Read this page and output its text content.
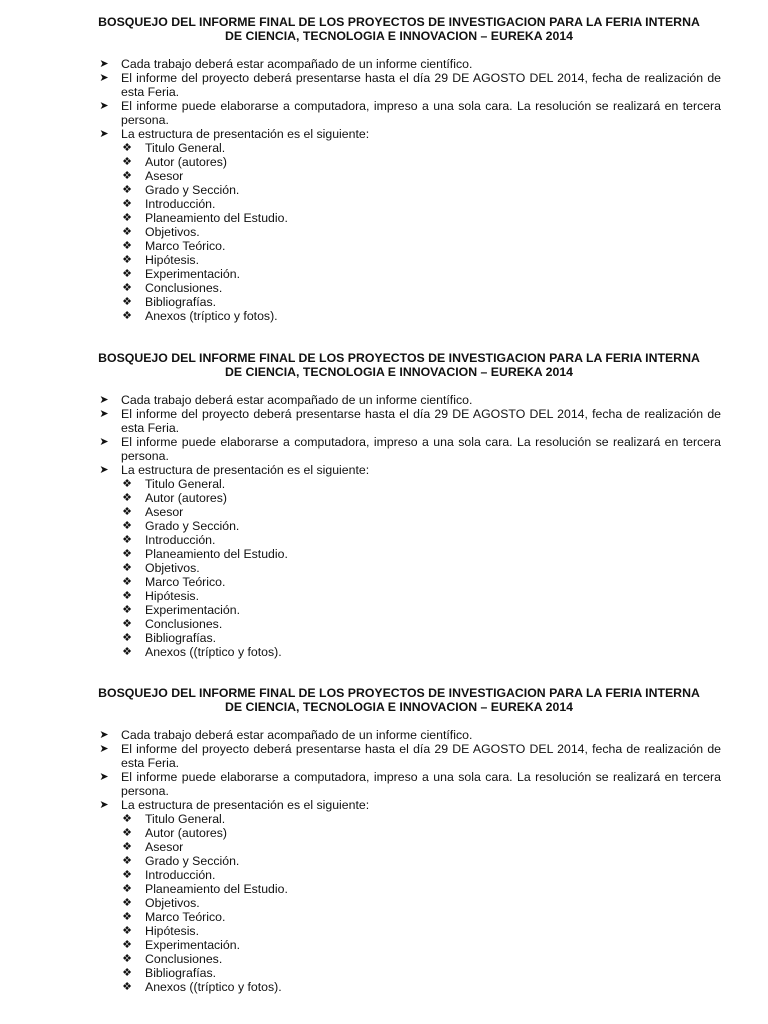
BOSQUEJO DEL INFORME FINAL DE LOS PROYECTOS DE INVESTIGACION PARA LA FERIA INTERNA
DE CIENCIA, TECNOLOGIA E INNOVACION – EUREKA 2014
➤ Cada trabajo deberá estar acompañado de un informe científico.
➤ El informe del proyecto deberá presentarse hasta el día 29 DE AGOSTO DEL 2014, fecha de realización de esta Feria.
➤ El informe puede elaborarse a computadora, impreso a una sola cara. La resolución se realizará en tercera persona.
➤ La estructura de presentación es el siguiente:
❖ Titulo General.
❖ Autor (autores)
❖ Asesor
❖ Grado y Sección.
❖ Introducción.
❖ Planeamiento del Estudio.
❖ Objetivos.
❖ Marco Teórico.
❖ Hipótesis.
❖ Experimentación.
❖ Conclusiones.
❖ Bibliografías.
❖ Anexos (tríptico y fotos).
BOSQUEJO DEL INFORME FINAL DE LOS PROYECTOS DE INVESTIGACION PARA LA FERIA INTERNA
DE CIENCIA, TECNOLOGIA E INNOVACION – EUREKA 2014
➤ Cada trabajo deberá estar acompañado de un informe científico.
➤ El informe del proyecto deberá presentarse hasta el día 29 DE AGOSTO DEL 2014, fecha de realización de esta Feria.
➤ El informe puede elaborarse a computadora, impreso a una sola cara. La resolución se realizará en tercera persona.
➤ La estructura de presentación es el siguiente:
❖ Titulo General.
❖ Autor (autores)
❖ Asesor
❖ Grado y Sección.
❖ Introducción.
❖ Planeamiento del Estudio.
❖ Objetivos.
❖ Marco Teórico.
❖ Hipótesis.
❖ Experimentación.
❖ Conclusiones.
❖ Bibliografías.
❖ Anexos ((tríptico y fotos).
BOSQUEJO DEL INFORME FINAL DE LOS PROYECTOS DE INVESTIGACION PARA LA FERIA INTERNA
DE CIENCIA, TECNOLOGIA E INNOVACION – EUREKA 2014
➤ Cada trabajo deberá estar acompañado de un informe científico.
➤ El informe del proyecto deberá presentarse hasta el día 29 DE AGOSTO DEL 2014, fecha de realización de esta Feria.
➤ El informe puede elaborarse a computadora, impreso a una sola cara. La resolución se realizará en tercera persona.
➤ La estructura de presentación es el siguiente:
❖ Titulo General.
❖ Autor (autores)
❖ Asesor
❖ Grado y Sección.
❖ Introducción.
❖ Planeamiento del Estudio.
❖ Objetivos.
❖ Marco Teórico.
❖ Hipótesis.
❖ Experimentación.
❖ Conclusiones.
❖ Bibliografías.
❖ Anexos ((tríptico y fotos).
